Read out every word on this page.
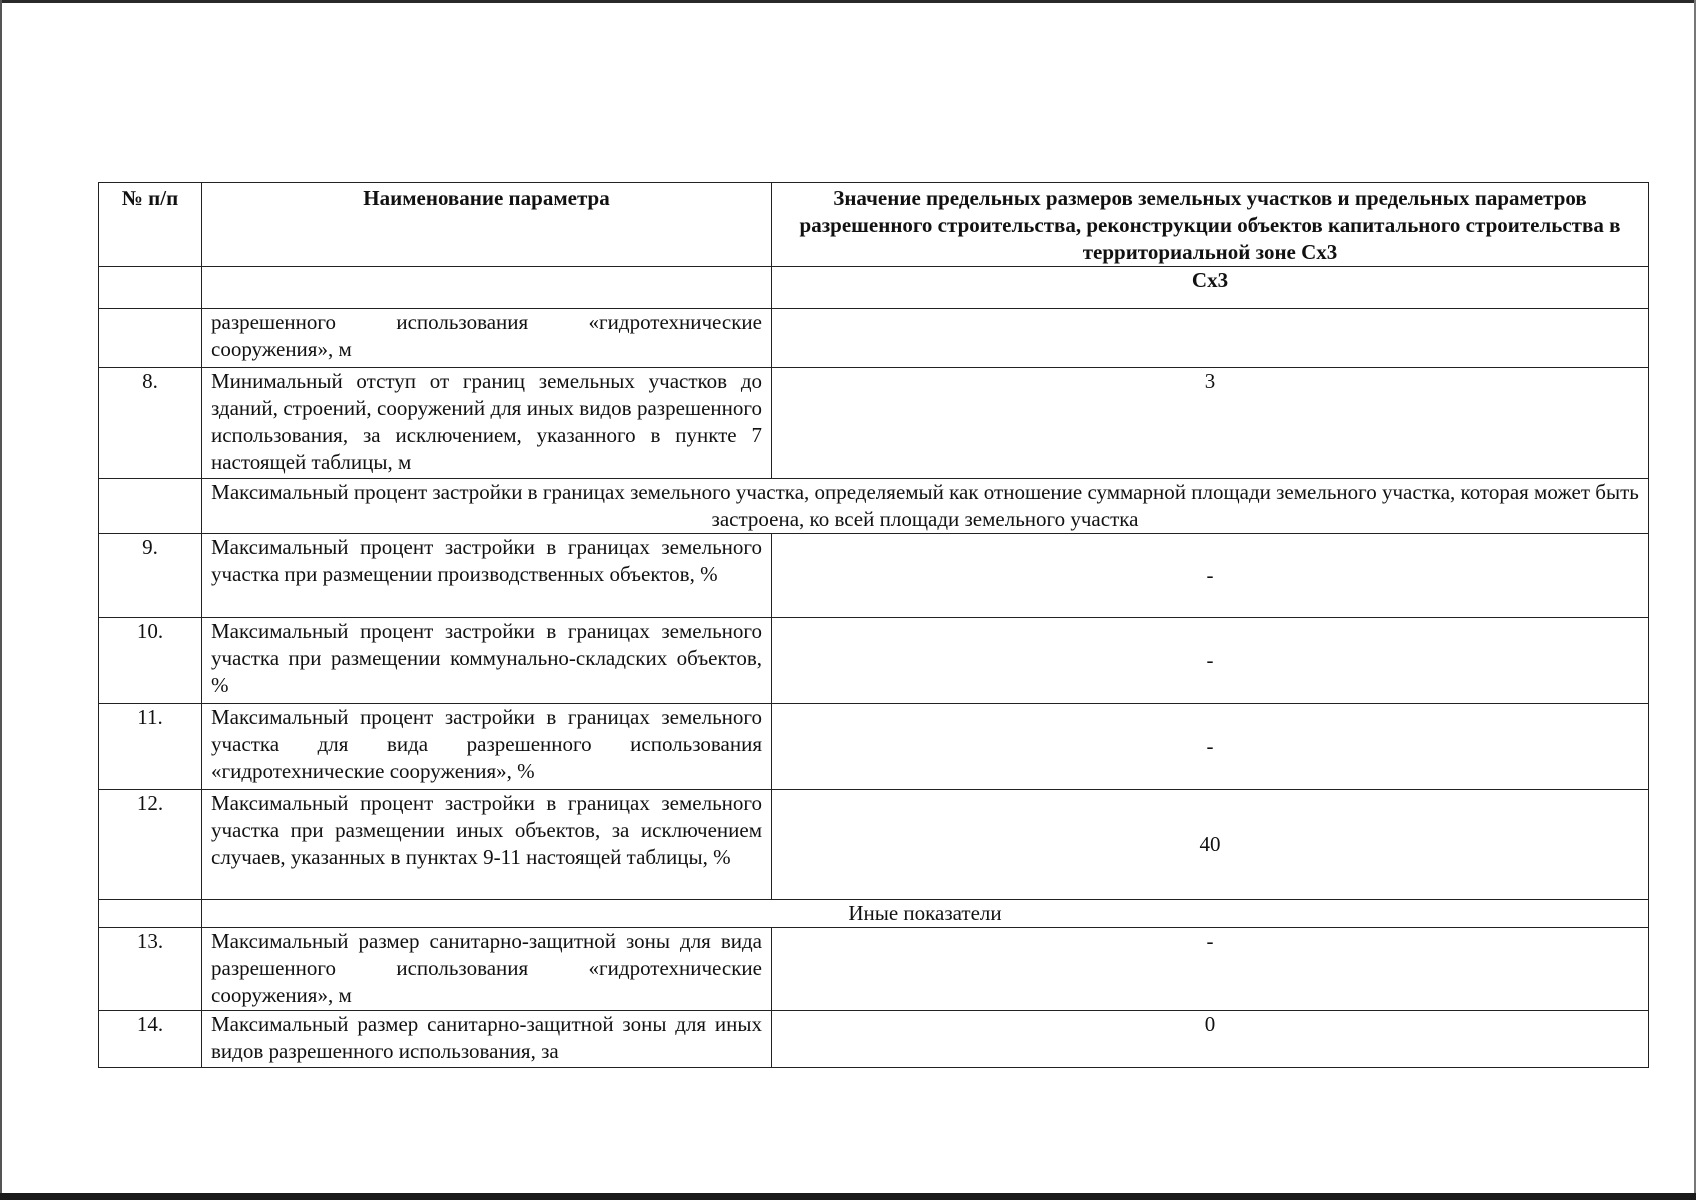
№ п/п	Наименование параметра	Значение предельных размеров земельных участков и предельных параметров разрешенного строительства, реконструкции объектов капитального строительства в территориальной зоне Сх3
		Сх3
	разрешенного использования «гидротехнические сооружения», м	
8.	Минимальный отступ от границ земельных участков до зданий, строений, сооружений для иных видов разрешенного использования, за исключением, указанного в пункте 7 настоящей таблицы, м	3
	Максимальный процент застройки в границах земельного участка, определяемый как отношение суммарной площади земельного участка, которая может быть застроена, ко всей площади земельного участка	
9.	Максимальный процент застройки в границах земельного участка при размещении производственных объектов, %	-
10.	Максимальный процент застройки в границах земельного участка при размещении коммунально-складских объектов, %	-
11.	Максимальный процент застройки в границах земельного участка для вида разрешенного использования «гидротехнические сооружения», %	-
12.	Максимальный процент застройки в границах земельного участка при размещении иных объектов, за исключением случаев, указанных в пунктах 9-11 настоящей таблицы, %	40
	Иные показатели	
13.	Максимальный размер санитарно-защитной зоны для вида разрешенного использования «гидротехнические сооружения», м	-
14.	Максимальный размер санитарно-защитной зоны для иных видов разрешенного использования, за	0
